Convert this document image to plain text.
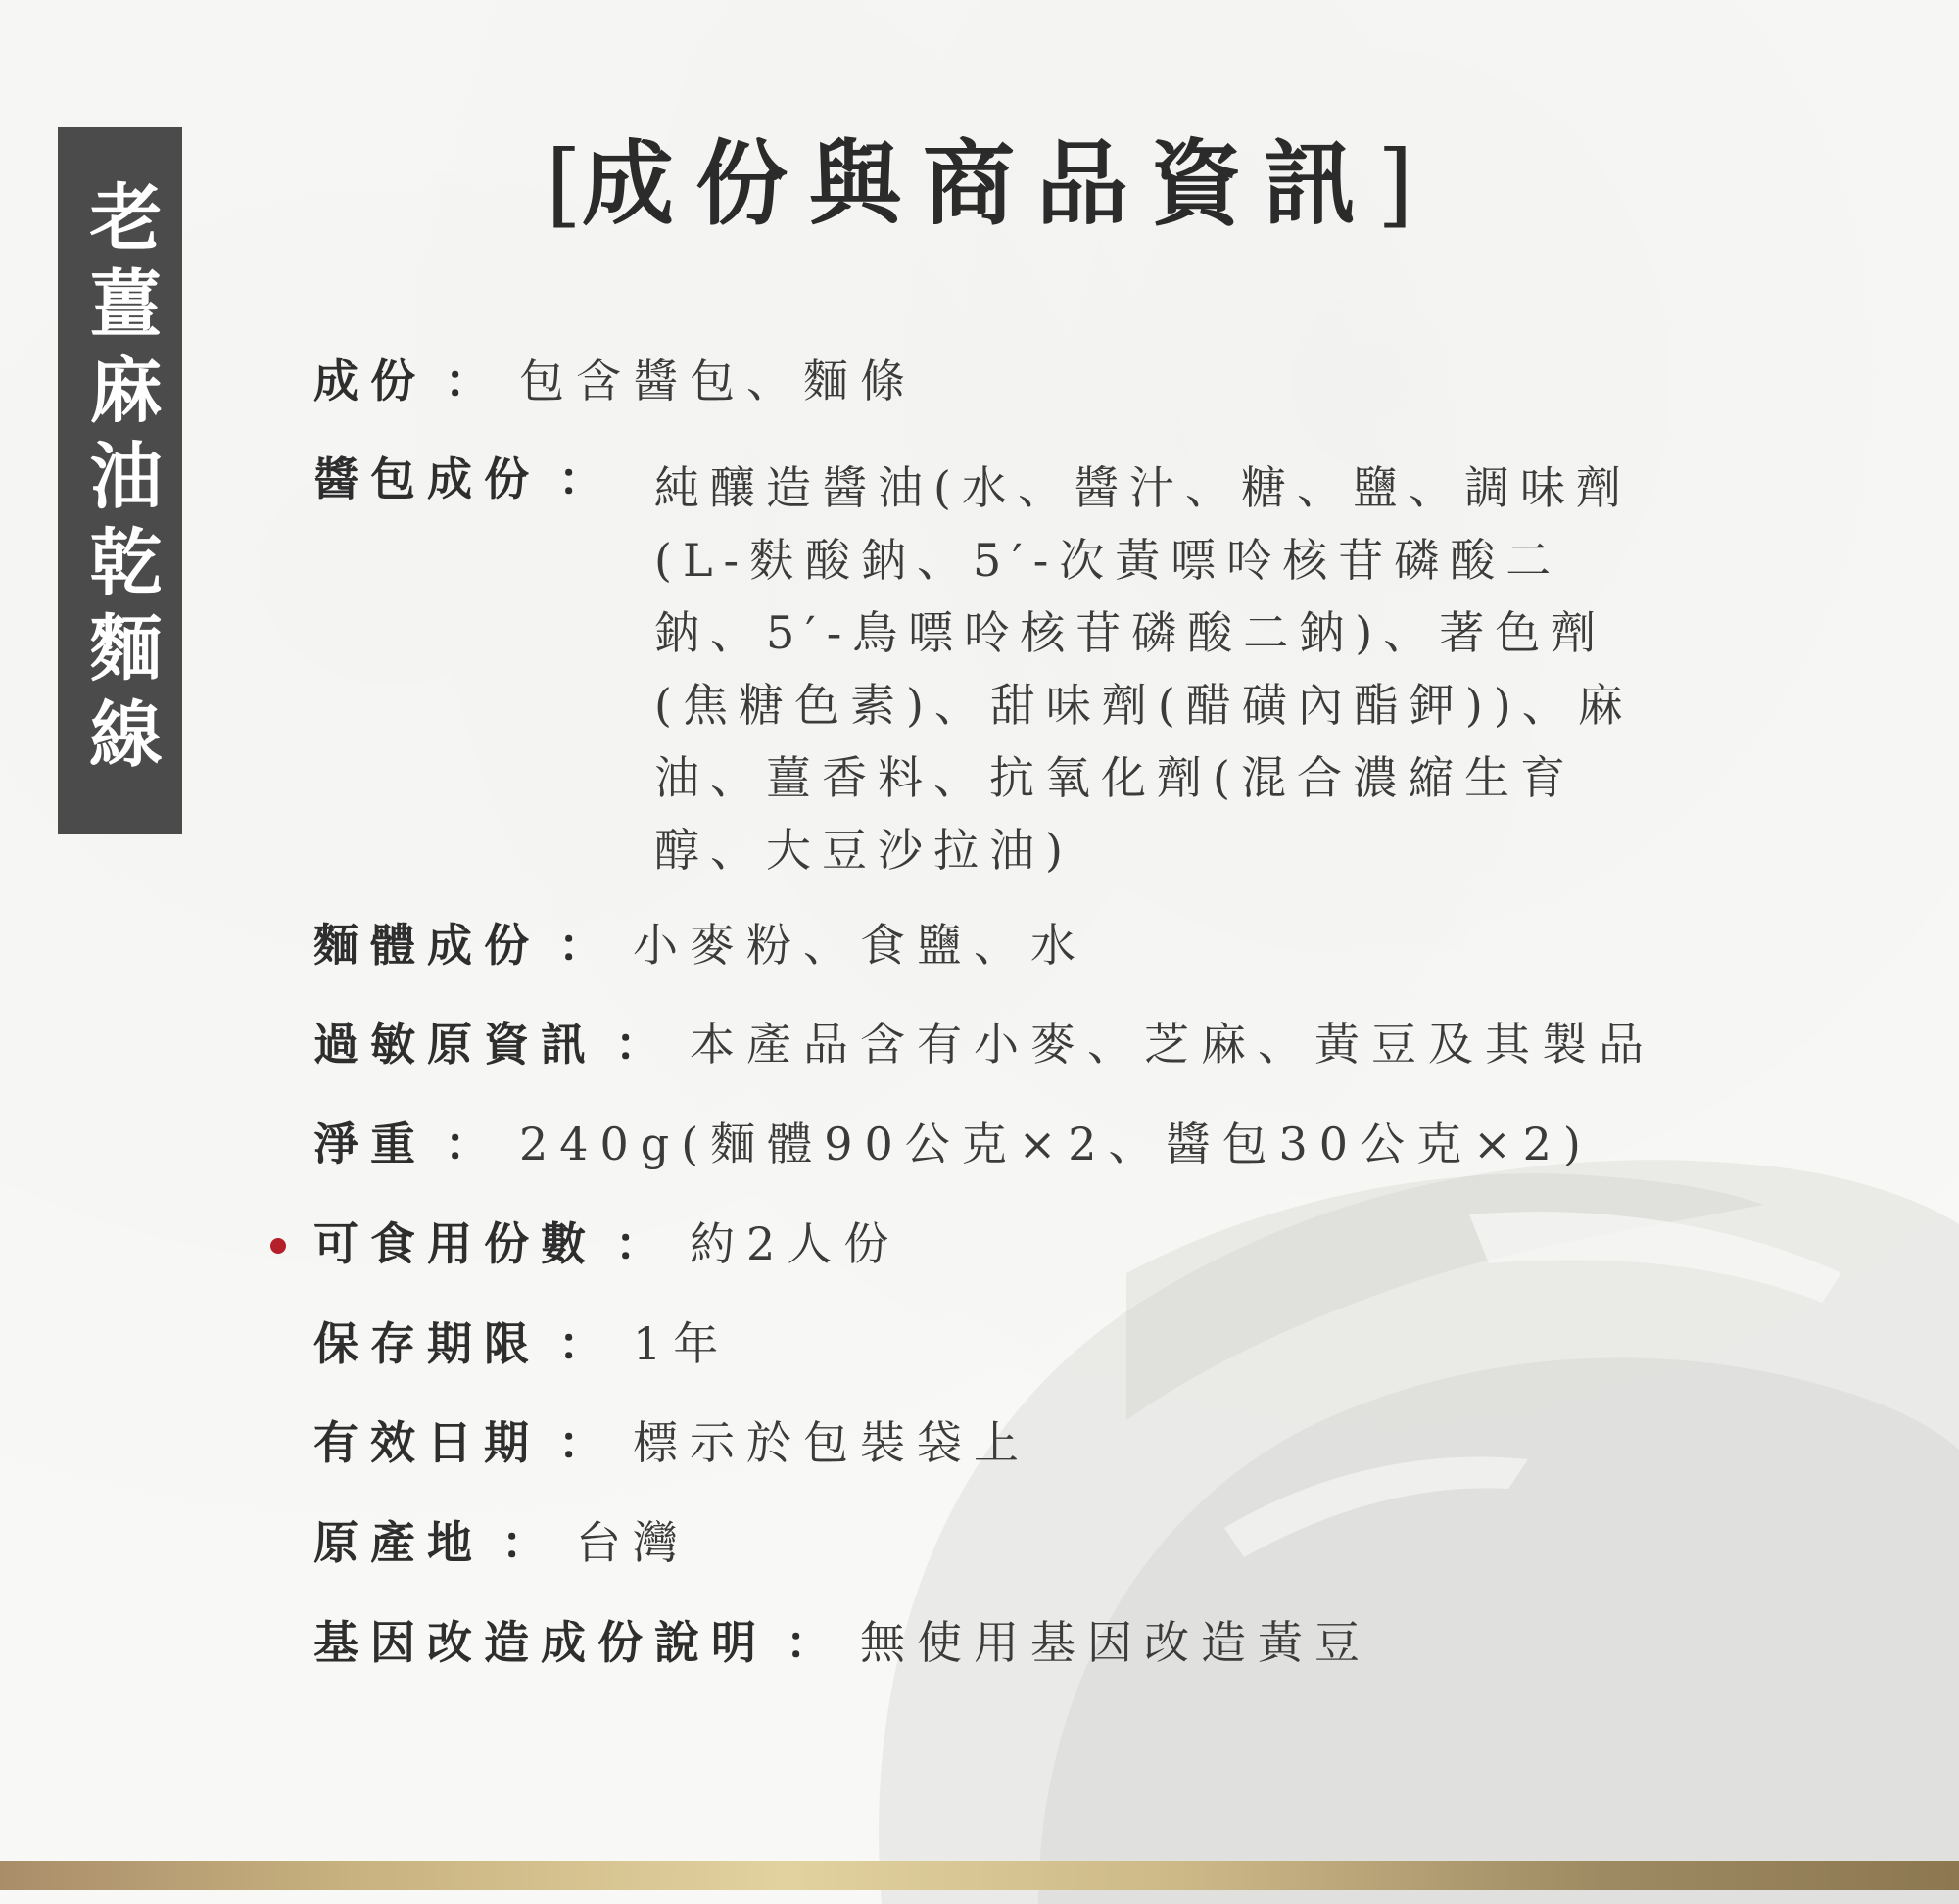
老薑麻油乾麵線	[成份與商品資訊]
成份 ： 包含醬包、麵條
醬包成份 ： 純釀造醬油(水、醬汁、糖、鹽、調味劑
(L-麩酸鈉、5′-次黃嘌呤核苷磷酸二
鈉、5′-鳥嘌呤核苷磷酸二鈉)、著色劑
(焦糖色素)、甜味劑(醋磺內酯鉀))、麻
油、薑香料、抗氧化劑(混合濃縮生育
醇、大豆沙拉油)
麵體成份 ： 小麥粉、食鹽、水
過敏原資訊 ： 本產品含有小麥、芝麻、黃豆及其製品
淨重 ： 240g(麵體90公克×2、醬包30公克×2)
可食用份數 ： 約2人份
保存期限 ： 1年
有效日期 ： 標示於包裝袋上
原產地 ： 台灣
基因改造成份說明 ： 無使用基因改造黃豆
